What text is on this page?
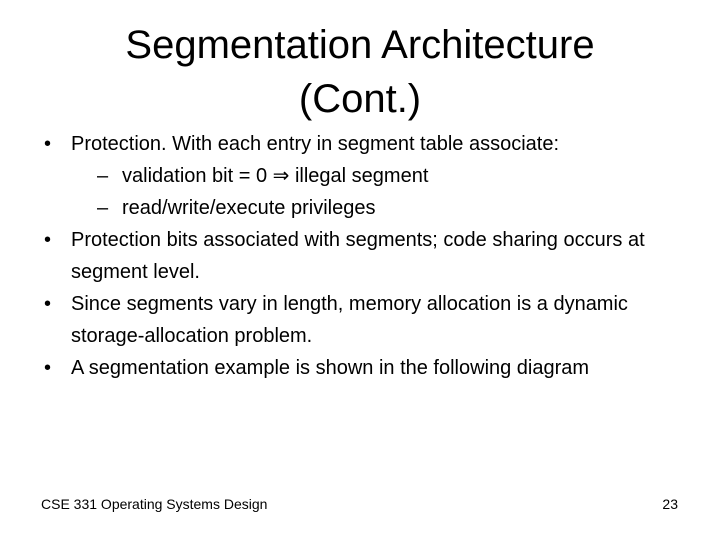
Segmentation Architecture
(Cont.)
• Protection. With each entry in segment table associate:
– validation bit = 0 ⇒ illegal segment
– read/write/execute privileges
• Protection bits associated with segments; code sharing occurs at segment level.
• Since segments vary in length, memory allocation is a dynamic storage-allocation problem.
• A segmentation example is shown in the following diagram
CSE 331 Operating Systems Design	23
